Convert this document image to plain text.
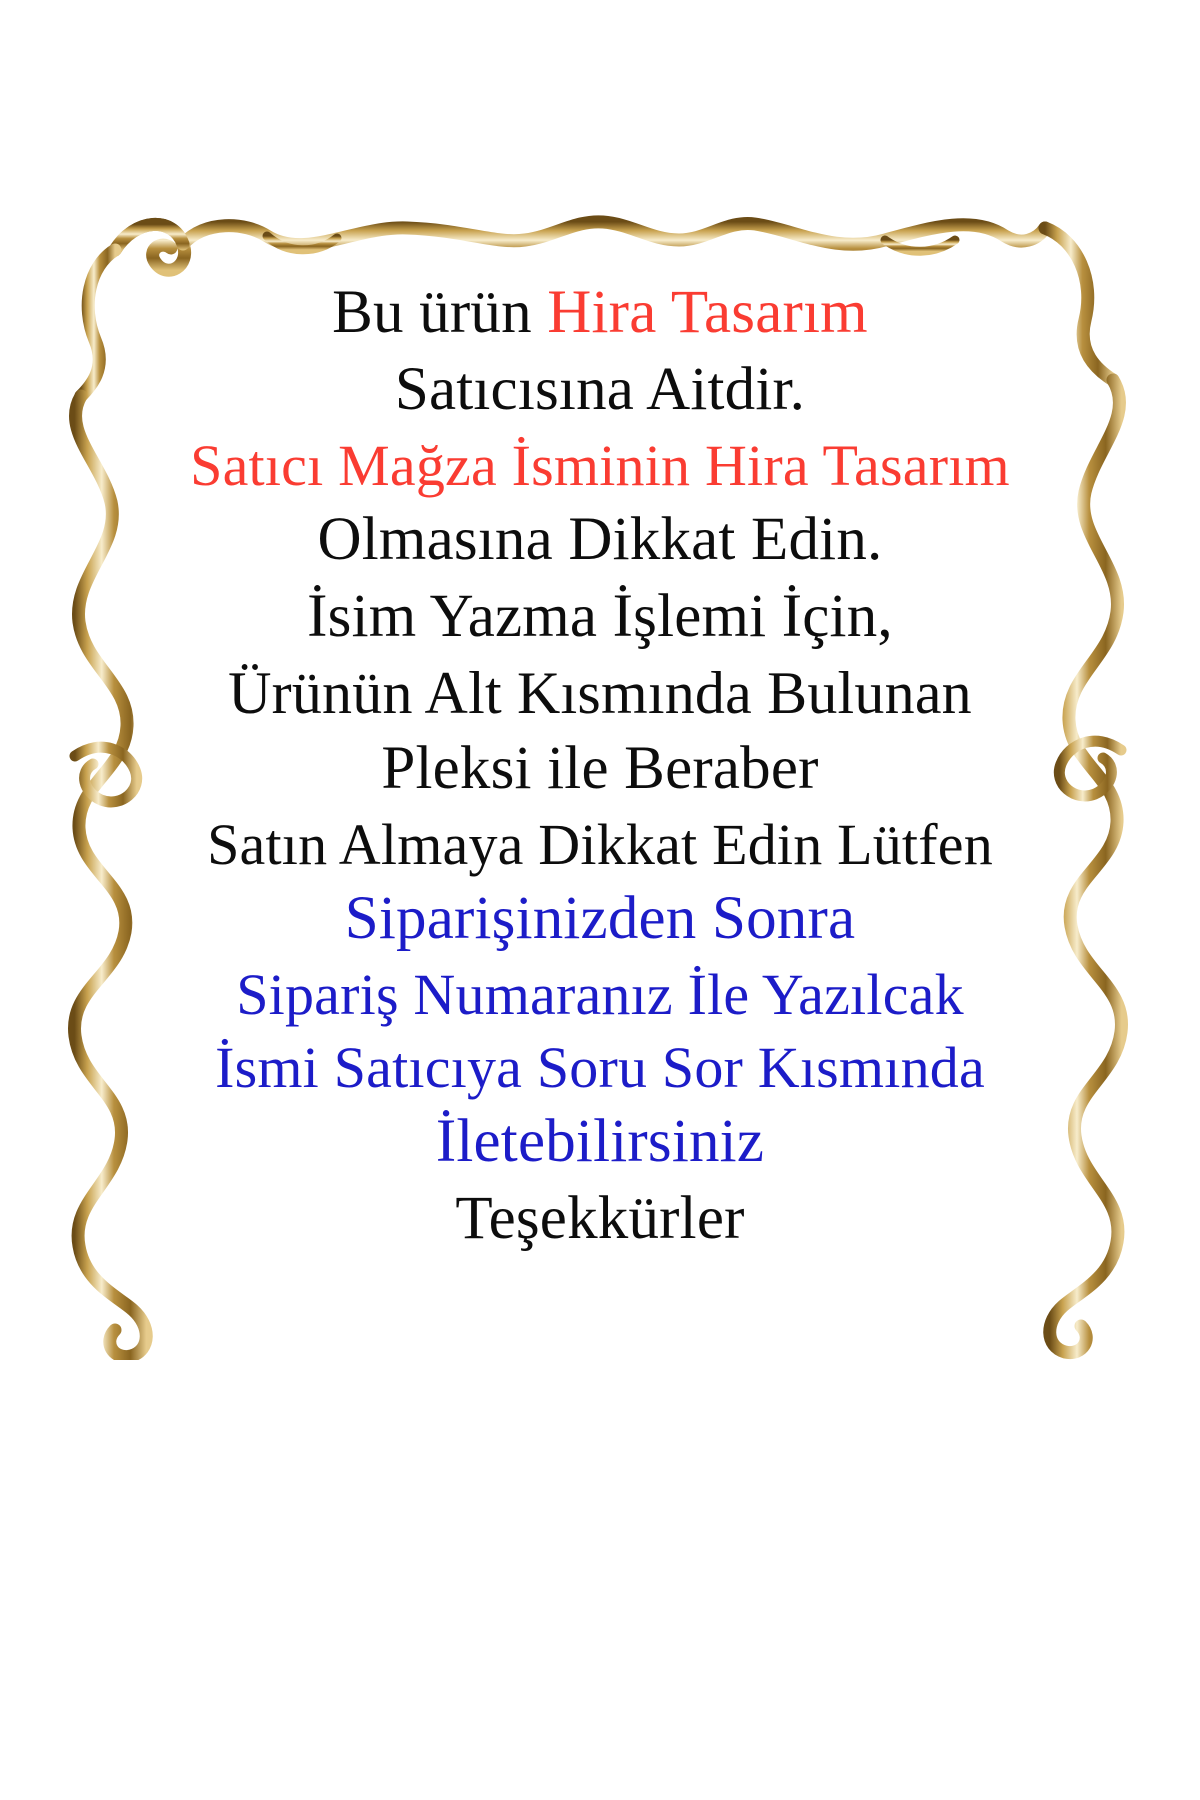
Bu ürün Hira Tasarım
Satıcısına Aitdir.
Satıcı Mağza İsminin Hira Tasarım
Olmasına Dikkat Edin.
İsim Yazma İşlemi İçin,
Ürünün Alt Kısmında Bulunan
Pleksi ile Beraber
Satın Almaya Dikkat Edin Lütfen
Siparişinizden Sonra
Sipariş Numaranız İle Yazılcak
İsmi Satıcıya Soru Sor Kısmında
İletebilirsiniz
Teşekkürler
